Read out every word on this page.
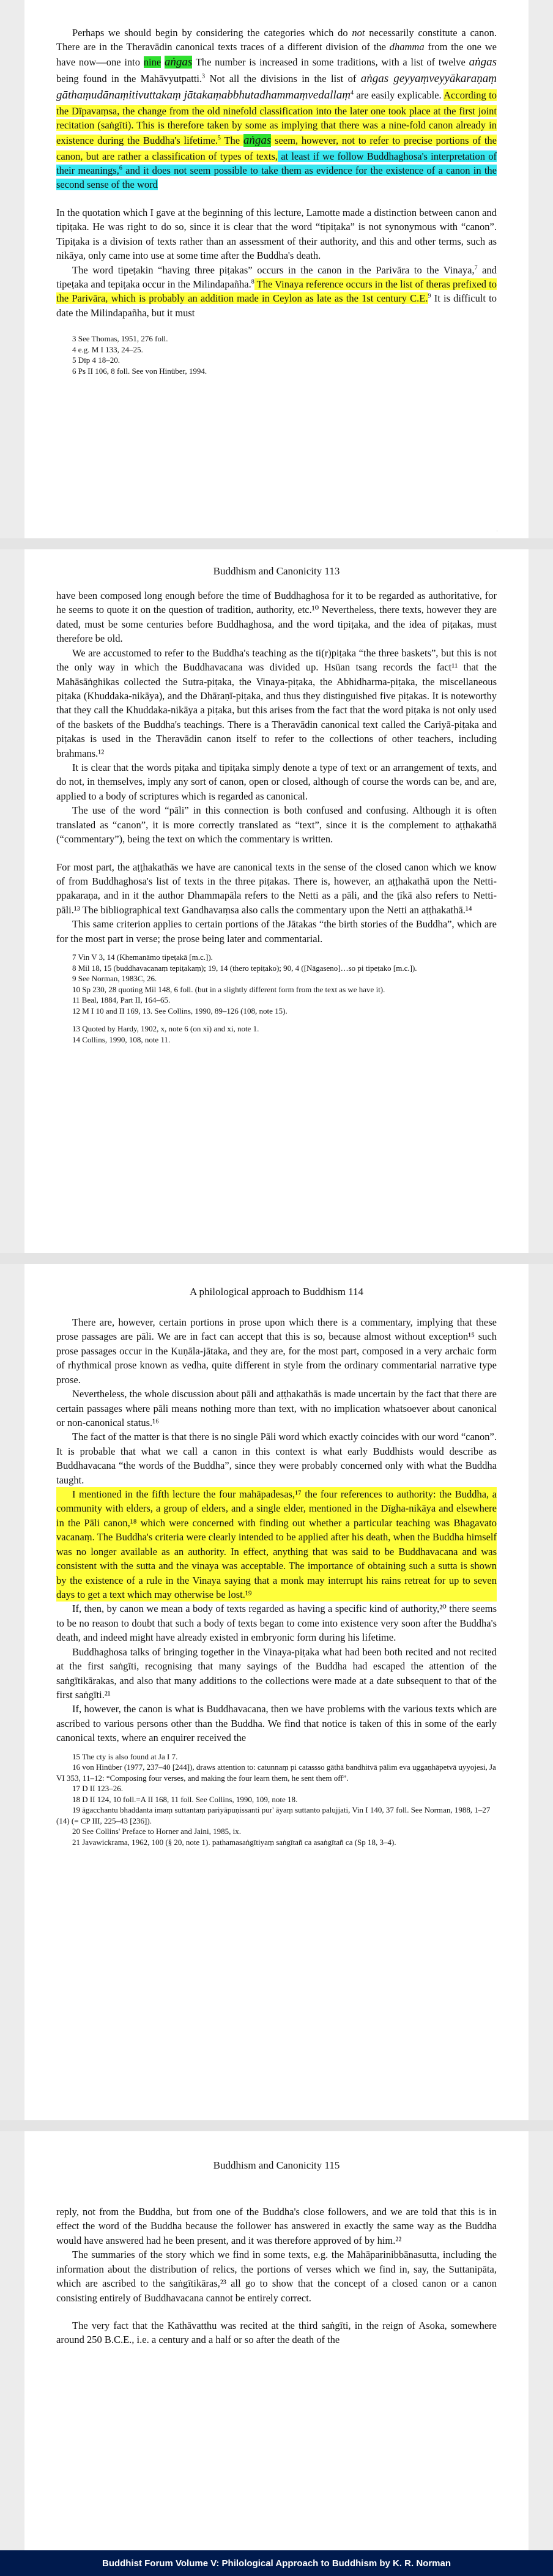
Perhaps we should begin by considering the categories which do not necessarily constitute a canon. There are in the Theravādin canonical texts traces of a different division of the dhamma from the one we have now—one into nine aṅgas The number is increased in some traditions, with a list of twelve aṅgas being found in the Mahāvyutpatti.$^3$ Not all the divisions in the list of aṅgas geyyaṃveyyākaraṇaṃ gāthaṃudānaṃitivuttakaṃ jātakaṃabbhutadhammaṃvedallaṃ$^4$ are easily explicable. According to the Dīpavaṃsa, the change from the old ninefold classification into the later one took place at the first joint recitation (saṅgīti). This is therefore taken by some as implying that there was a nine-fold canon already in existence during the Buddha's lifetime.$^5$ The aṅgas seem, however, not to refer to precise portions of the canon, but are rather a classification of types of texts, at least if we follow Buddhaghosa's interpretation of their meanings,$^6$ and it does not seem possible to take them as evidence for the existence of a canon in the second sense of the word

In the quotation which I gave at the beginning of this lecture, Lamotte made a distinction between canon and tipiṭaka. He was right to do so, since it is clear that the word “tipiṭaka” is not synonymous with “canon”. Tipiṭaka is a division of texts rather than an assessment of their authority, and this and other terms, such as nikāya, only came into use at some time after the Buddha's death.

The word tipeṭakin “having three piṭakas” occurs in the canon in the Parivāra to the Vinaya,$^7$ and tipeṭaka and tepiṭaka occur in the Milindapañha.$^8$ The Vinaya reference occurs in the list of theras prefixed to the Parivāra, which is probably an addition made in Ceylon as late as the 1st century C.E.$^9$ It is difficult to date the Milindapañha, but it must

3 See Thomas, 1951, 276 foll.

4 e.g. M I 133, 24–25.

5 Dīp 4 18–20.

6 Ps II 106, 8 foll. See von Hinüber, 1994.

·
Buddhism and Canonicity 113

have been composed long enough before the time of Buddhaghosa for it to be regarded as authoritative, for he seems to quote it on the question of tradition, authority, etc.¹⁰ Nevertheless, there texts, however they are dated, must be some centuries before Buddhaghosa, and the word tipiṭaka, and the idea of piṭakas, must therefore be old.

We are accustomed to refer to the Buddha's teaching as the ti(r)piṭaka “the three baskets”, but this is not the only way in which the Buddhavacana was divided up. Hsüan tsang records the fact¹¹ that the Mahāsāṅghikas collected the Sutra-piṭaka, the Vinaya-piṭaka, the Abhidharma-piṭaka, the miscellaneous piṭaka (Khuddaka-nikāya), and the Dhāraṇī-piṭaka, and thus they distinguished five piṭakas. It is noteworthy that they call the Khuddaka-nikāya a piṭaka, but this arises from the fact that the word piṭaka is not only used of the baskets of the Buddha's teachings. There is a Theravādin canonical text called the Cariyā-piṭaka and piṭakas is used in the Theravādin canon itself to refer to the collections of other teachers, including brahmans.¹²

It is clear that the words piṭaka and tipiṭaka simply denote a type of text or an arrangement of texts, and do not, in themselves, imply any sort of canon, open or closed, although of course the words can be, and are, applied to a body of scriptures which is regarded as canonical.

The use of the word “pāli” in this connection is both confused and confusing. Although it is often translated as “canon”, it is more correctly translated as “text”, since it is the complement to aṭṭhakathā (“commentary”), being the text on which the commentary is written.

For most part, the aṭṭhakathās we have are canonical texts in the sense of the closed canon which we know of from Buddhaghosa's list of texts in the three piṭakas. There is, however, an aṭṭhakathā upon the Netti-ppakaraṇa, and in it the author Dhammapāla refers to the Netti as a pāli, and the ṭīkā also refers to Netti-pāli.¹³ The bibliographical text Gandhavaṃsa also calls the commentary upon the Netti an aṭṭhakathā.¹⁴

This same criterion applies to certain portions of the Jātakas “the birth stories of the Buddha”, which are for the most part in verse; the prose being later and commentarial.

7 Vin V 3, 14 (Khemanāmo tipeṭakā [m.c.]).

8 Mil 18, 15 (buddhavacanaṃ tepiṭakaṃ); 19, 14 (thero tepiṭako); 90, 4 ([Nāgaseno]…so pi tipeṭako [m.c.]).

9 See Norman, 1983C, 26.

10 Sp 230, 28 quoting Mil 148, 6 foll. (but in a slightly different form from the text as we have it).

11 Beal, 1884, Part II, 164–65.

12 M I 10 and II 169, 13. See Collins, 1990, 89–126 (108, note 15).

13 Quoted by Hardy, 1902, x, note 6 (on xi) and xi, note 1.

14 Collins, 1990, 108, note 11.

A philological approach to Buddhism 114

There are, however, certain portions in prose upon which there is a commentary, implying that these prose passages are pāli. We are in fact can accept that this is so, because almost without exception¹⁵ such prose passages occur in the Kuṇāla-jātaka, and they are, for the most part, composed in a very archaic form of rhythmical prose known as vedha, quite different in style from the ordinary commentarial narrative type prose.

Nevertheless, the whole discussion about pāli and aṭṭhakathās is made uncertain by the fact that there are certain passages where pāli means nothing more than text, with no implication whatsoever about canonical or non-canonical status.¹⁶

The fact of the matter is that there is no single Pāli word which exactly coincides with our word “canon”. It is probable that what we call a canon in this context is what early Buddhists would describe as Buddhavacana “the words of the Buddha”, since they were probably concerned only with what the Buddha taught.

I mentioned in the fifth lecture the four mahāpadesas,¹⁷ the four references to authority: the Buddha, a community with elders, a group of elders, and a single elder, mentioned in the Dīgha-nikāya and elsewhere in the Pāli canon,¹⁸ which were concerned with finding out whether a particular teaching was Bhagavato vacanaṃ. The Buddha's criteria were clearly intended to be applied after his death, when the Buddha himself was no longer available as an authority. In effect, anything that was said to be Buddhavacana and was consistent with the sutta and the vinaya was acceptable. The importance of obtaining such a sutta is shown by the existence of a rule in the Vinaya saying that a monk may interrupt his rains retreat for up to seven days to get a text which may otherwise be lost.¹⁹

If, then, by canon we mean a body of texts regarded as having a specific kind of authority,²⁰ there seems to be no reason to doubt that such a body of texts began to come into existence very soon after the Buddha's death, and indeed might have already existed in embryonic form during his lifetime.

Buddhaghosa talks of bringing together in the Vinaya-piṭaka what had been both recited and not recited at the first saṅgīti, recognising that many sayings of the Buddha had escaped the attention of the saṅgītikārakas, and also that many additions to the collections were made at a date subsequent to that of the first saṅgīti.²¹

If, however, the canon is what is Buddhavacana, then we have problems with the various texts which are ascribed to various persons other than the Buddha. We find that notice is taken of this in some of the early canonical texts, where an enquirer received the

15 The cty is also found at Ja I 7.

16 von Hinüber (1977, 237–40 [244]), draws attention to: catunnaṃ pi catassso gāthā bandhitvā pālim eva uggaṇhāpetvā uyyojesi, Ja VI 353, 11–12: “Composing four verses, and making the four learn them, he sent them off”.

17 D II 123–26.

18 D II 124, 10 foll.=A II 168, 11 foll. See Collins, 1990, 109, note 18.

19 āgacchantu bhaddanta imaṃ suttantaṃ pariyāpuṇissanti pur' āyaṃ suttanto palujjati, Vin I 140, 37 foll. See Norman, 1988, 1–27 (14) (= CP III, 225–43 [236]).

20 See Collins' Preface to Horner and Jaini, 1985, ix.

21 Javawickrama, 1962, 100 (§ 20, note 1). pathamasaṅgītiyaṃ saṅgītañ ca asaṅgītañ ca (Sp 18, 3–4).

Buddhism and Canonicity 115

reply, not from the Buddha, but from one of the Buddha's close followers, and we are told that this is in effect the word of the Buddha because the follower has answered in exactly the same way as the Buddha would have answered had he been present, and it was therefore approved of by him.²²

The summaries of the story which we find in some texts, e.g. the Mahāparinibbānasutta, including the information about the distribution of relics, the portions of verses which we find in, say, the Suttanipāta, which are ascribed to the saṅgītikāras,²³ all go to show that the concept of a closed canon or a canon consisting entirely of Buddhavacana cannot be entirely correct.

The very fact that the Kathāvatthu was recited at the third saṅgīti, in the reign of Asoka, somewhere around 250 B.C.E., i.e. a century and a half or so after the death of the

Buddhist Forum Volume V: Philological Approach to Buddhism by K. R. Norman
